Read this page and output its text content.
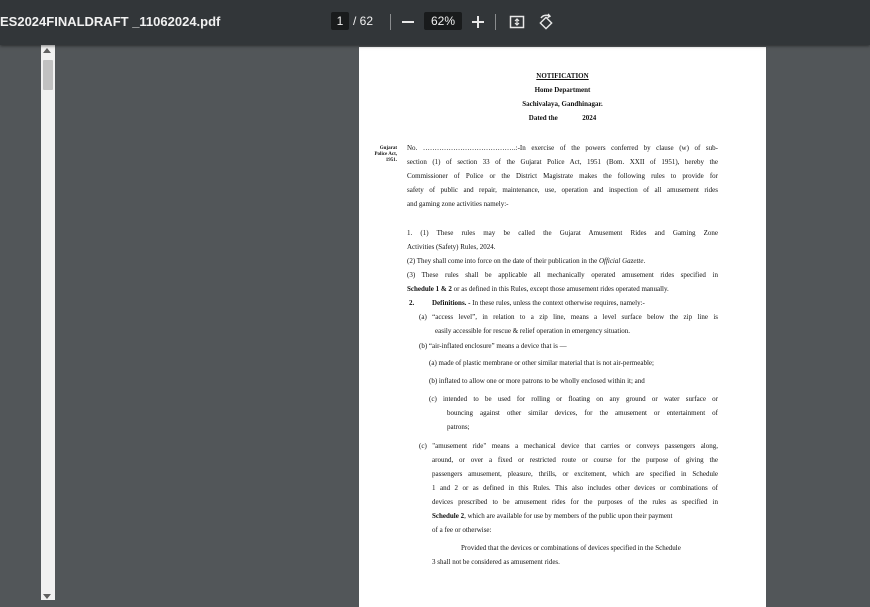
ES2024FINALDRAFT _11062024.pdf	1 / 62	62%
NOTIFICATION
Home Department
Sachivalaya, Gandhinagar.
Dated the              2024
Gujarat
Police Act,
1951.
No. ………………………………….:-In exercise of the powers conferred by clause (w) of sub-
section (1) of section 33 of the Gujarat Police Act, 1951 (Bom. XXII of 1951), hereby the
Commissioner of Police or the District Magistrate makes the following rules to provide for
safety of public and repair, maintenance, use, operation and inspection of all amusement rides
and gaming zone activities namely:-
1. (1) These rules may be called the Gujarat Amusement Rides and Gaming Zone
Activities (Safety) Rules, 2024.
(2) They shall come into force on the date of their publication in the Official Gazette.
(3) These rules shall be applicable all mechanically operated amusement rides specified in
Schedule 1 & 2 or as defined in this Rules, except those amusement rides operated manually.
2.	Definitions. - In these rules, unless the context otherwise requires, namely:-
(a) “access level”, in relation to a zip line, means a level surface below the zip line is
easily accessible for rescue & relief operation in emergency situation.
(b) “air-inflated enclosure” means a device that is —
(a) made of plastic membrane or other similar material that is not air-permeable;
(b) inflated to allow one or more patrons to be wholly enclosed within it; and
(c) intended to be used for rolling or floating on any ground or water surface or
bouncing against other similar devices, for the amusement or entertainment of
patrons;
(c) "amusement ride" means a mechanical device that carries or conveys passengers along,
around, or over a fixed or restricted route or course for the purpose of giving the
passengers amusement, pleasure, thrills, or excitement, which are specified in Schedule
1 and 2 or as defined in this Rules. This also includes other devices or combinations of
devices prescribed to be amusement rides for the purposes of the rules as specified in
Schedule 2, which are available for use by members of the public upon their payment
of a fee or otherwise:
Provided that the devices or combinations of devices specified in the Schedule
3 shall not be considered as amusement rides.
